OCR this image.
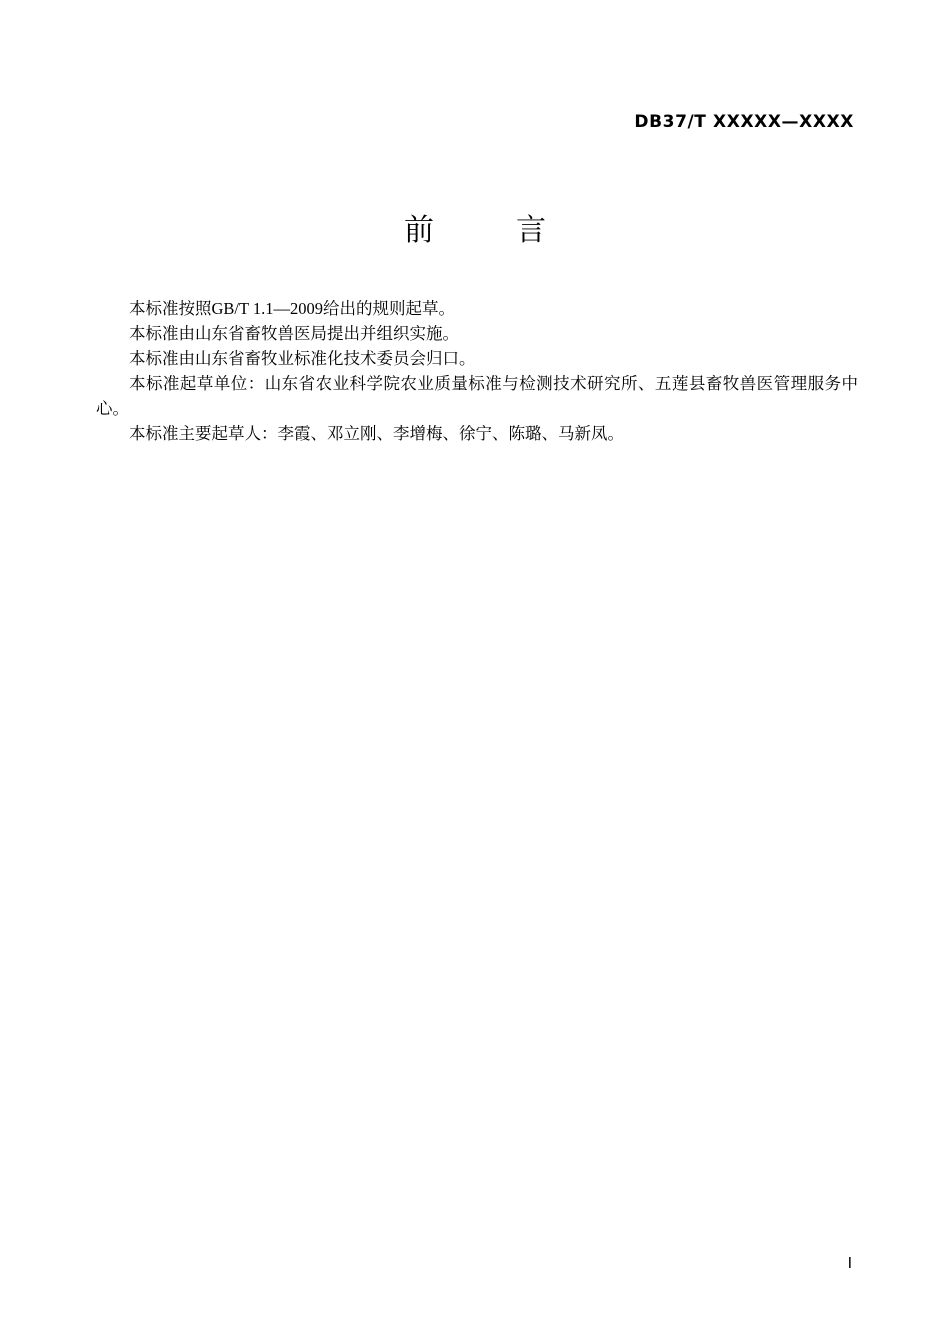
DB37/T XXXXX—XXXX
前　言

本标准按照GB/T 1.1—2009给出的规则起草。

本标准由山东省畜牧兽医局提出并组织实施。

本标准由山东省畜牧业标准化技术委员会归口。

本标准起草单位：山东省农业科学院农业质量标准与检测技术研究所、五莲县畜牧兽医管理服务中心。

本标准主要起草人：李霞、邓立刚、李增梅、徐宁、陈璐、马新凤。

I
